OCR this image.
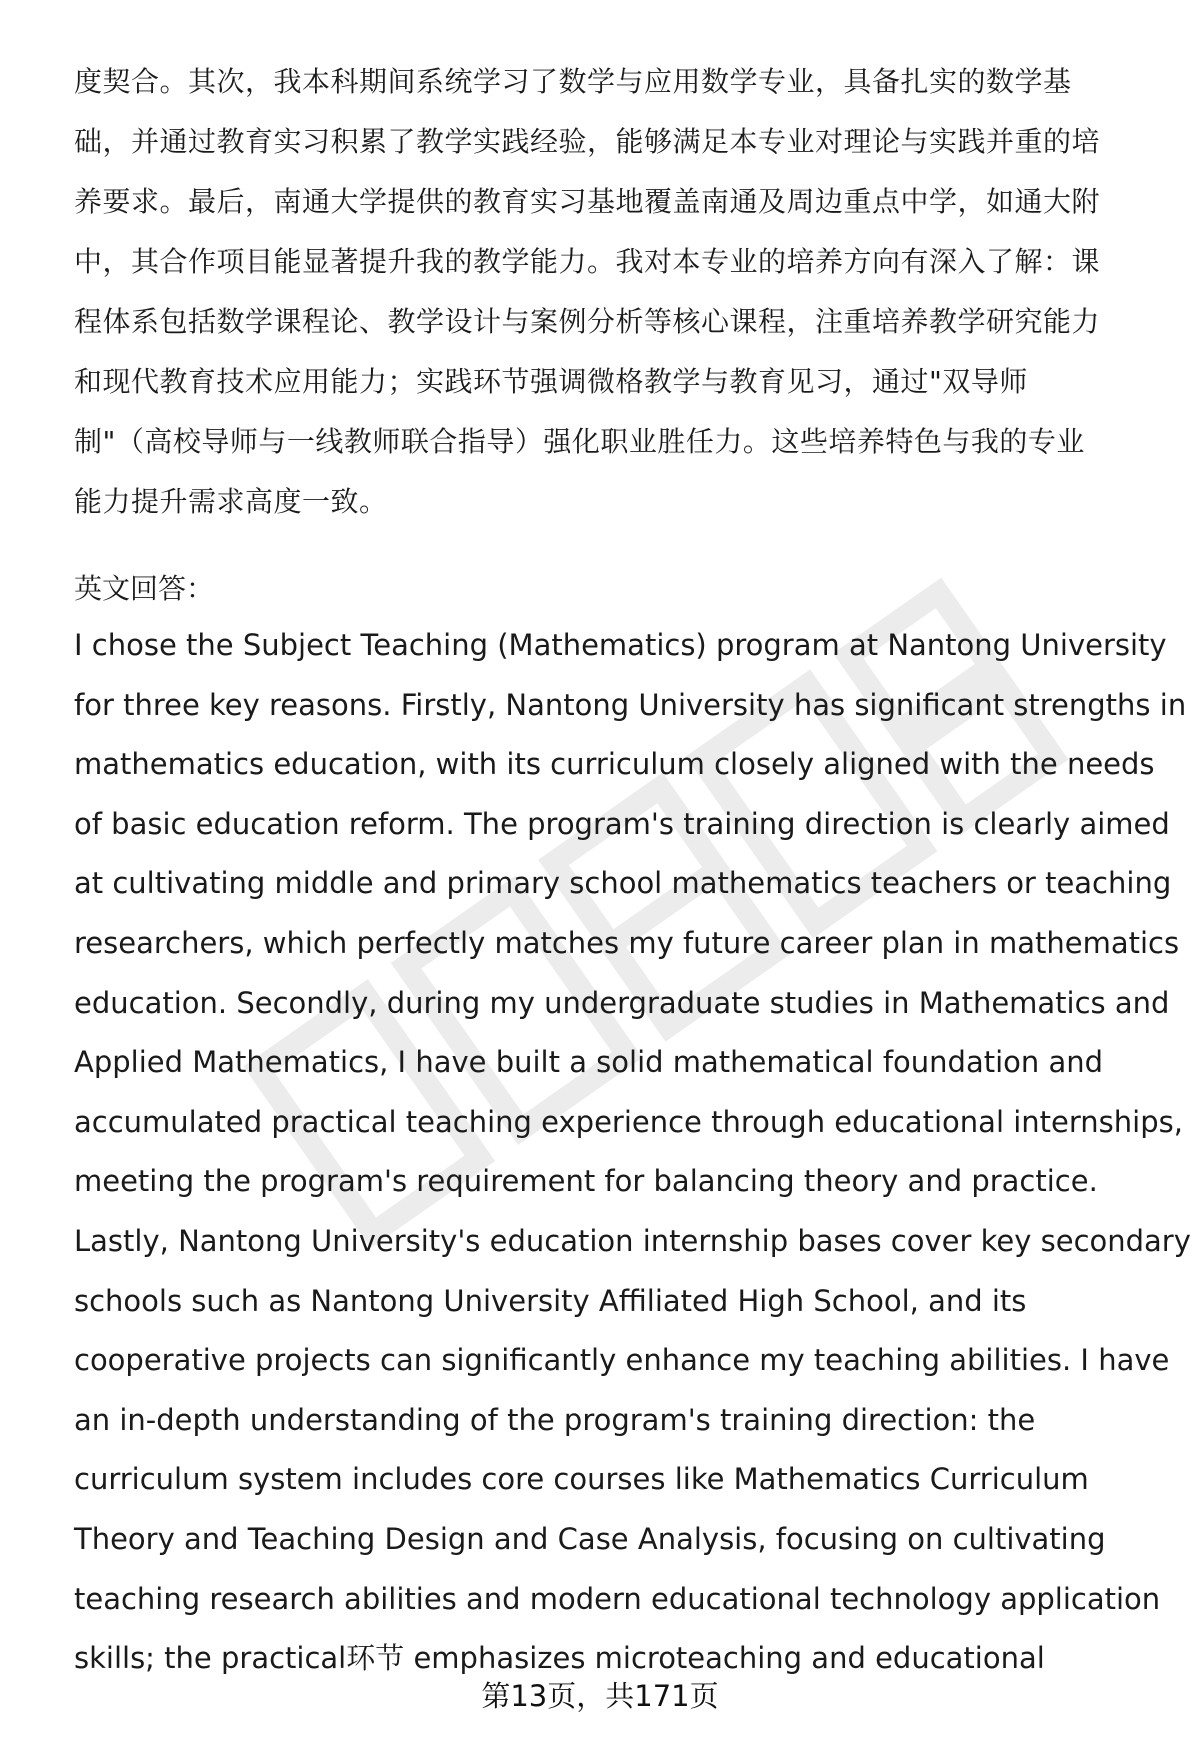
度契合。其次，我本科期间系统学习了数学与应用数学专业，具备扎实的数学基
础，并通过教育实习积累了教学实践经验，能够满足本专业对理论与实践并重的培
养要求。最后，南通大学提供的教育实习基地覆盖南通及周边重点中学，如通大附
中，其合作项目能显著提升我的教学能力。我对本专业的培养方向有深入了解：课
程体系包括数学课程论、教学设计与案例分析等核心课程，注重培养教学研究能力
和现代教育技术应用能力；实践环节强调微格教学与教育见习，通过"双导师
制"（高校导师与一线教师联合指导）强化职业胜任力。这些培养特色与我的专业
能力提升需求高度一致。
英文回答：
I chose the Subject Teaching (Mathematics) program at Nantong University
for three key reasons. Firstly, Nantong University has significant strengths in
mathematics education, with its curriculum closely aligned with the needs
of basic education reform. The program's training direction is clearly aimed
at cultivating middle and primary school mathematics teachers or teaching
researchers, which perfectly matches my future career plan in mathematics
education. Secondly, during my undergraduate studies in Mathematics and
Applied Mathematics, I have built a solid mathematical foundation and
accumulated practical teaching experience through educational internships,
meeting the program's requirement for balancing theory and practice.
Lastly, Nantong University's education internship bases cover key secondary
schools such as Nantong University Affiliated High School, and its
cooperative projects can significantly enhance my teaching abilities. I have
an in-depth understanding of the program's training direction: the
curriculum system includes core courses like Mathematics Curriculum
Theory and Teaching Design and Case Analysis, focusing on cultivating
teaching research abilities and modern educational technology application
skills; the practical环节 emphasizes microteaching and educational
第13页，共171页
